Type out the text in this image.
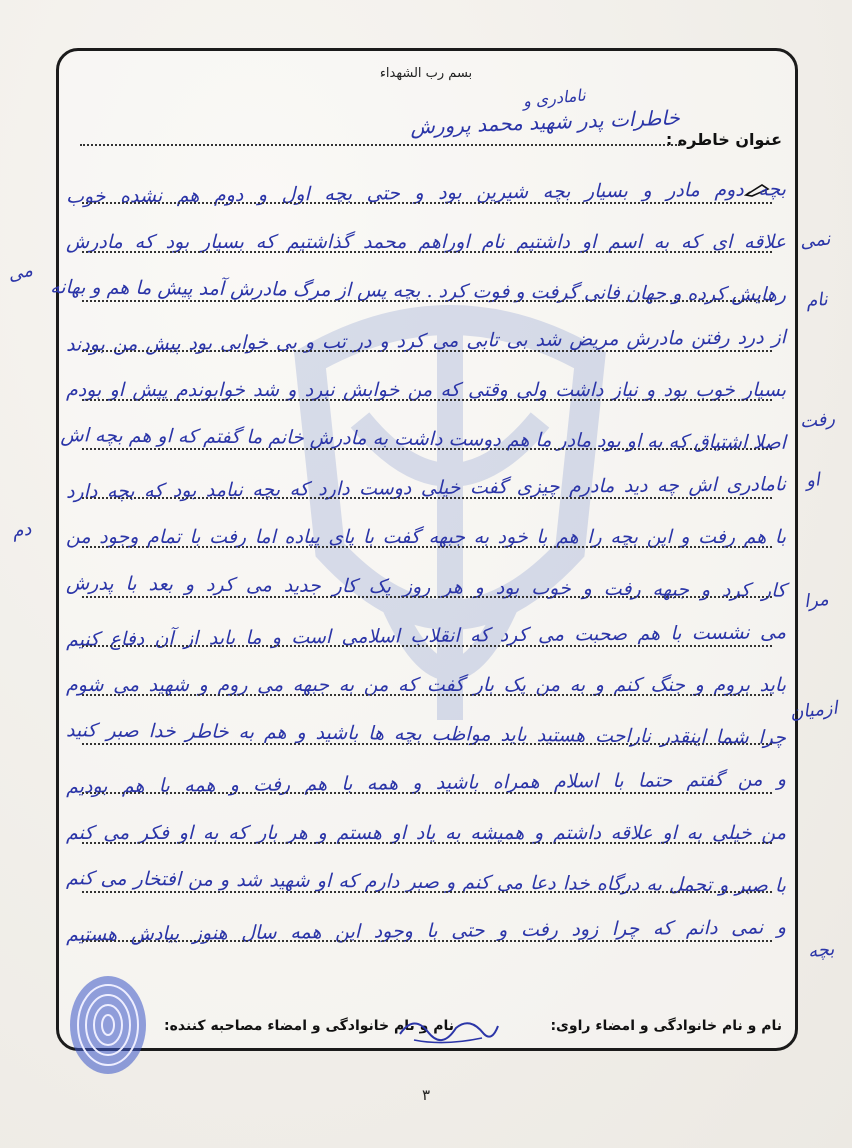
بسم رب الشهداء
عنوان خاطره :
نامادری و
خاطرات پدر شهید محمد پرورش
بچه دوم مادر و بسیار بچه شیرین بود و حتی بچه اول و دوم هم نشده خوب
علاقه ای که به اسم او داشتیم نام اوراهم محمد گذاشتیم که بسیار بود که مادرش
رهایش کرده و جهان فانی گرفت و فوت کرد . بچه پس از مرگ مادرش آمد پیش ما هم و بهانه
از درد رفتن مادرش مریض شد بی تابی می کرد و در تب و بی خوابی بود پیش من بودند
بسیار خوب بود و نیاز داشت ولی وقتی که من خوابش نبرد و شد خوابوندم پیش او بودم
اصلا اشتیاق که به او بود مادر ما هم دوست داشت به مادرش خانم ما گفتم که او هم بچه اش
نامادری اش چه دید مادرم چیزی گفت خیلی دوست دارد که بچه نیامد بود که بچه دارد
با هم رفت و این بچه را هم با خود به جبهه گفت با پای پیاده اما رفت با تمام وجود من
کار کرد و جبهه رفت و خوب بود و هر روز یک کار جدید می کرد و بعد با پدرش
می نشست با هم صحبت می کرد که انقلاب اسلامی است و ما باید از آن دفاع کنیم
باید بروم و جنگ کنم و به من یک بار گفت که من به جبهه می روم و شهید می شوم
چرا شما اینقدر ناراحت هستید باید مواظب بچه ها باشید و هم به خاطر خدا صبر کنید
و من گفتم حتما با اسلام همراه باشید و همه با هم رفت و همه با هم بودیم
من خیلی به او علاقه داشتم و همیشه به یاد او هستم و هر بار که به او فکر می کنم
با صبر و تحمل به درگاه خدا دعا می کنم و صبر دارم که او شهید شد و من افتخار می کنم
و نمی دانم که چرا زود رفت و حتی با وجود این همه سال هنوز بیادش هستیم
می
دم
نمی
نام
رفت
او
مرا
ازمیان
بچه
نام و نام خانوادگی و امضاء راوی:
نام و نام خانوادگی و امضاء مصاحبه کننده:
۳
